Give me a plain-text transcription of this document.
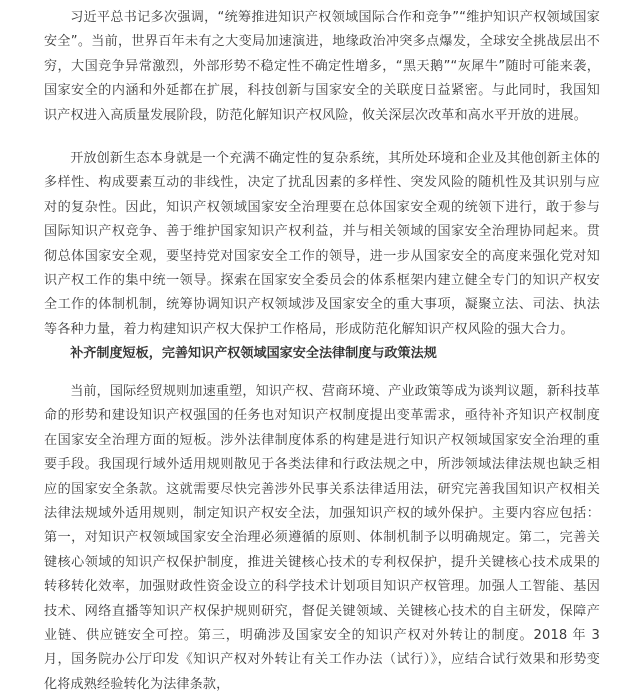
习近平总书记多次强调，“统筹推进知识产权领域国际合作和竞争”“维护知识产权领域国家安全”。当前，世界百年未有之大变局加速演进，地缘政治冲突多点爆发，全球安全挑战层出不穷，大国竞争异常激烈，外部形势不稳定性不确定性增多，“黑天鹅”“灰犀牛”随时可能来袭，国家安全的内涵和外延都在扩展，科技创新与国家安全的关联度日益紧密。与此同时，我国知识产权进入高质量发展阶段，防范化解知识产权风险，攸关深层次改革和高水平开放的进展。

开放创新生态本身就是一个充满不确定性的复杂系统，其所处环境和企业及其他创新主体的多样性、构成要素互动的非线性，决定了扰乱因素的多样性、突发风险的随机性及其识别与应对的复杂性。因此，知识产权领域国家安全治理要在总体国家安全观的统领下进行，敢于参与国际知识产权竞争、善于维护国家知识产权利益，并与相关领域的国家安全治理协同起来。贯彻总体国家安全观，要坚持党对国家安全工作的领导，进一步从国家安全的高度来强化党对知识产权工作的集中统一领导。探索在国家安全委员会的体系框架内建立健全专门的知识产权安全工作的体制机制，统筹协调知识产权领域涉及国家安全的重大事项，凝聚立法、司法、执法等各种力量，着力构建知识产权大保护工作格局，形成防范化解知识产权风险的强大合力。

补齐制度短板，完善知识产权领域国家安全法律制度与政策法规

当前，国际经贸规则加速重塑，知识产权、营商环境、产业政策等成为谈判议题，新科技革命的形势和建设知识产权强国的任务也对知识产权制度提出变革需求，亟待补齐知识产权制度在国家安全治理方面的短板。涉外法律制度体系的构建是进行知识产权领域国家安全治理的重要手段。我国现行域外适用规则散见于各类法律和行政法规之中，所涉领域法律法规也缺乏相应的国家安全条款。这就需要尽快完善涉外民事关系法律适用法，研究完善我国知识产权相关法律法规域外适用规则，制定知识产权安全法，加强知识产权的域外保护。主要内容应包括：第一，对知识产权领域国家安全治理必须遵循的原则、体制机制予以明确规定。第二，完善关键核心领域的知识产权保护制度，推进关键核心技术的专利权保护，提升关键核心技术成果的转移转化效率，加强财政性资金设立的科学技术计划项目知识产权管理。加强人工智能、基因技术、网络直播等知识产权保护规则研究，督促关键领域、关键核心技术的自主研发，保障产业链、供应链安全可控。第三，明确涉及国家安全的知识产权对外转让的制度。2018 年 3 月，国务院办公厅印发《知识产权对外转让有关工作办法（试行）》，应结合试行效果和形势变化将成熟经验转化为法律条款，
